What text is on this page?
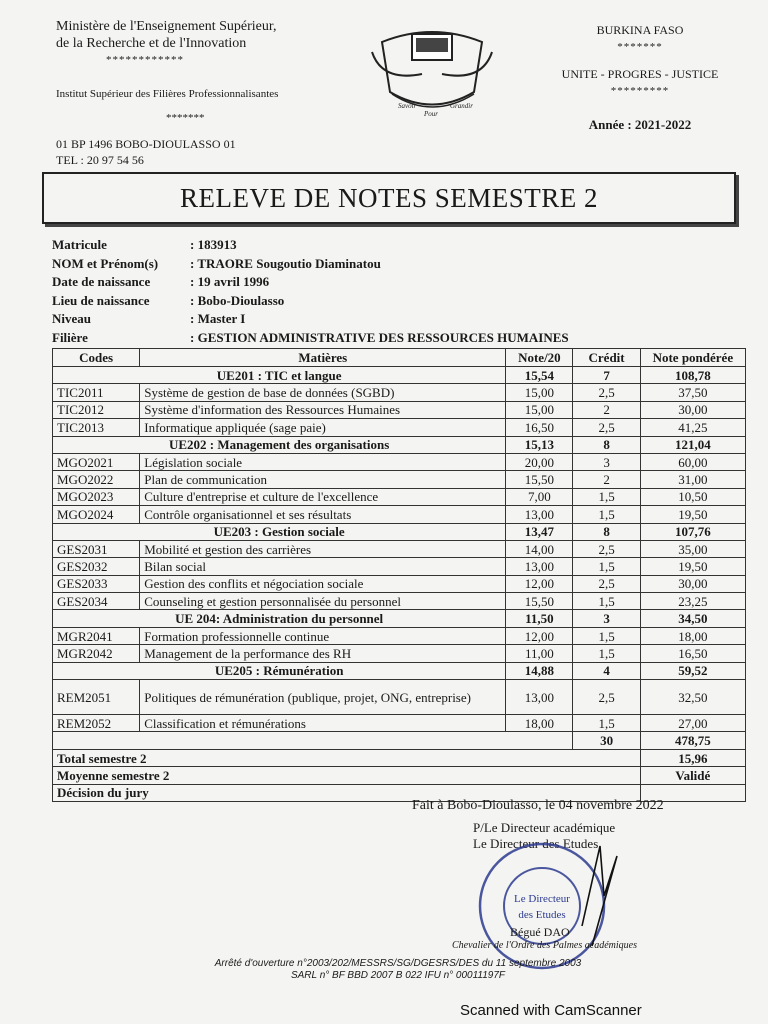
Ministère de l'Enseignement Supérieur,
de la Recherche et de l'Innovation
************
Institut Supérieur des Filières Professionnalisantes
*******
01 BP 1496 BOBO-DIOULASSO 01
TEL : 20 97 54 56
Savoir
Pour
Grandir
BURKINA FASO
*******
UNITE - PROGRES - JUSTICE
*********
Année : 2021-2022
RELEVE DE NOTES SEMESTRE 2
Matricule	: 183913
NOM et Prénom(s)	: TRAORE Sougoutio Diaminatou
Date de naissance	: 19 avril 1996
Lieu de naissance	: Bobo-Dioulasso
Niveau	: Master I
Filière	: GESTION ADMINISTRATIVE DES RESSOURCES HUMAINES
Codes	Matières	Note/20	Crédit	Note pondérée
UE201 : TIC et langue		15,54	7	108,78
TIC2011	Système de gestion de base de données (SGBD)	15,00	2,5	37,50
TIC2012	Système d'information des Ressources Humaines	15,00	2	30,00
TIC2013	Informatique appliquée (sage paie)	16,50	2,5	41,25
UE202 : Management des organisations		15,13	8	121,04
MGO2021	Législation sociale	20,00	3	60,00
MGO2022	Plan de communication	15,50	2	31,00
MGO2023	Culture d'entreprise et culture de l'excellence	7,00	1,5	10,50
MGO2024	Contrôle organisationnel et ses résultats	13,00	1,5	19,50
UE203 : Gestion sociale		13,47	8	107,76
GES2031	Mobilité et gestion des carrières	14,00	2,5	35,00
GES2032	Bilan social	13,00	1,5	19,50
GES2033	Gestion des conflits et négociation sociale	12,00	2,5	30,00
GES2034	Counseling et gestion personnalisée du personnel	15,50	1,5	23,25
UE 204: Administration du personnel		11,50	3	34,50
MGR2041	Formation professionnelle continue	12,00	1,5	18,00
MGR2042	Management de la performance des RH	11,00	1,5	16,50
UE205 : Rémunération		14,88	4	59,52
REM2051	Politiques de rémunération (publique, projet, ONG, entreprise)	13,00	2,5	32,50
REM2052	Classification et rémunérations	18,00	1,5	27,00
			30	478,75
Total semestre 2				15,96
Moyenne semestre 2				Validé
Décision du jury				
Fait à Bobo-Dioulasso, le 04 novembre 2022
P/Le Directeur académique
Le Directeur des Etudes
Le Directeur
des Etudes
Bégué DAO
Chevalier de l'Ordre des Palmes académiques
Arrêté d'ouverture n°2003/202/MESSRS/SG/DGESRS/DES du 11 septembre 2003
SARL n° BF BBD 2007 B 022 IFU n° 00011197F
Scanned with CamScanner
